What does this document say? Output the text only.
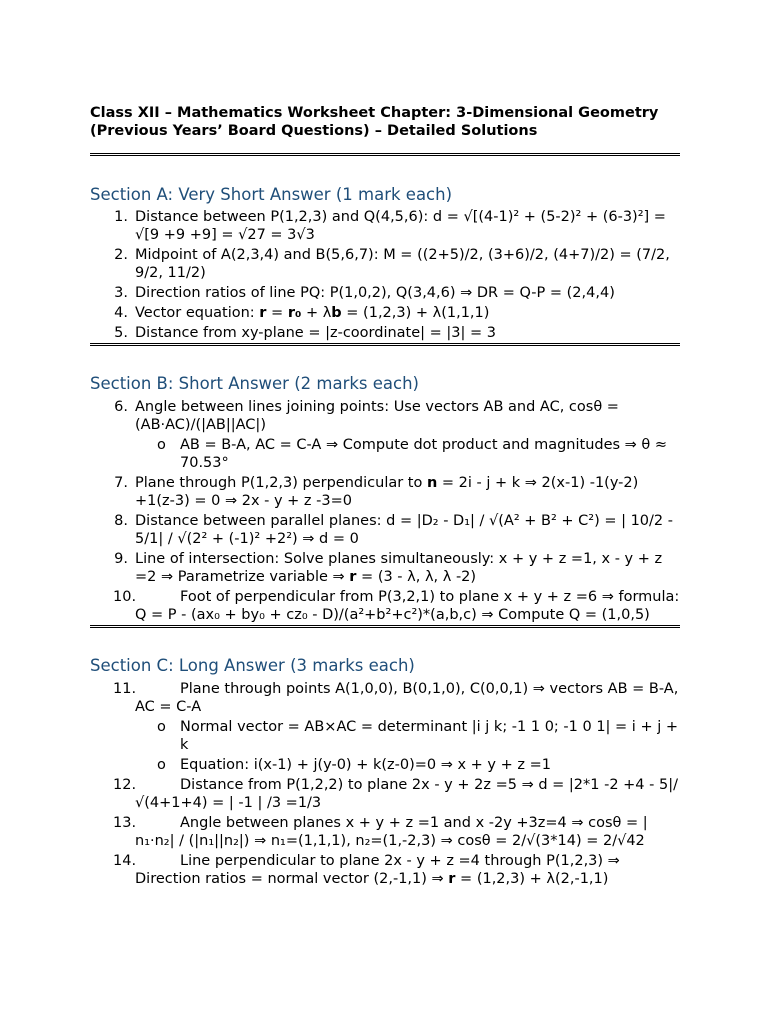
Class XII – Mathematics Worksheet Chapter: 3-Dimensional Geometry (Previous Years’ Board Questions) – Detailed Solutions

Section A: Very Short Answer (1 mark each)

1. Distance between P(1,2,3) and Q(4,5,6): d = √[(4-1)² + (5-2)² + (6-3)²] = √[9 +9 +9] = √27 = 3√3
2. Midpoint of A(2,3,4) and B(5,6,7): M = ((2+5)/2, (3+6)/2, (4+7)/2) = (7/2, 9/2, 11/2)
3. Direction ratios of line PQ: P(1,0,2), Q(3,4,6) ⇒ DR = Q-P = (2,4,4)
4. Vector equation: r = r₀ + λb = (1,2,3) + λ(1,1,1)
5. Distance from xy-plane = |z-coordinate| = |3| = 3

Section B: Short Answer (2 marks each)

6. Angle between lines joining points: Use vectors AB and AC, cosθ = (AB·AC)/(|AB||AC|)
o AB = B-A, AC = C-A ⇒ Compute dot product and magnitudes ⇒ θ ≈ 70.53°
7. Plane through P(1,2,3) perpendicular to n = 2i - j + k ⇒ 2(x-1) -1(y-2) +1(z-3) = 0 ⇒ 2x - y + z -3=0
8. Distance between parallel planes: d = |D₂ - D₁| / √(A² + B² + C²) = | 10/2 - 5/1| / √(2² + (-1)² +2²) ⇒ d = 0
9. Line of intersection: Solve planes simultaneously: x + y + z =1, x - y + z =2 ⇒ Parametrize variable ⇒ r = (3 - λ, λ, λ -2)
10.	Foot of perpendicular from P(3,2,1) to plane x + y + z =6 ⇒ formula: Q = P - (ax₀ + by₀ + cz₀ - D)/(a²+b²+c²)*(a,b,c) ⇒ Compute Q = (1,0,5)

Section C: Long Answer (3 marks each)

11.	Plane through points A(1,0,0), B(0,1,0), C(0,0,1) ⇒ vectors AB = B-A, AC = C-A
o Normal vector = AB×AC = determinant |i j k; -1 1 0; -1 0 1| = i + j + k
o Equation: i(x-1) + j(y-0) + k(z-0)=0 ⇒ x + y + z =1
12.	Distance from P(1,2,2) to plane 2x - y + 2z =5 ⇒ d = |2*1 -2 +4 - 5|/√(4+1+4) = | -1 | /3 =1/3
13.	Angle between planes x + y + z =1 and x -2y +3z=4 ⇒ cosθ = | n₁·n₂| / (|n₁||n₂|) ⇒ n₁=(1,1,1), n₂=(1,-2,3) ⇒ cosθ = 2/√(3*14) = 2/√42
14.	Line perpendicular to plane 2x - y + z =4 through P(1,2,3) ⇒ Direction ratios = normal vector (2,-1,1) ⇒ r = (1,2,3) + λ(2,-1,1)
